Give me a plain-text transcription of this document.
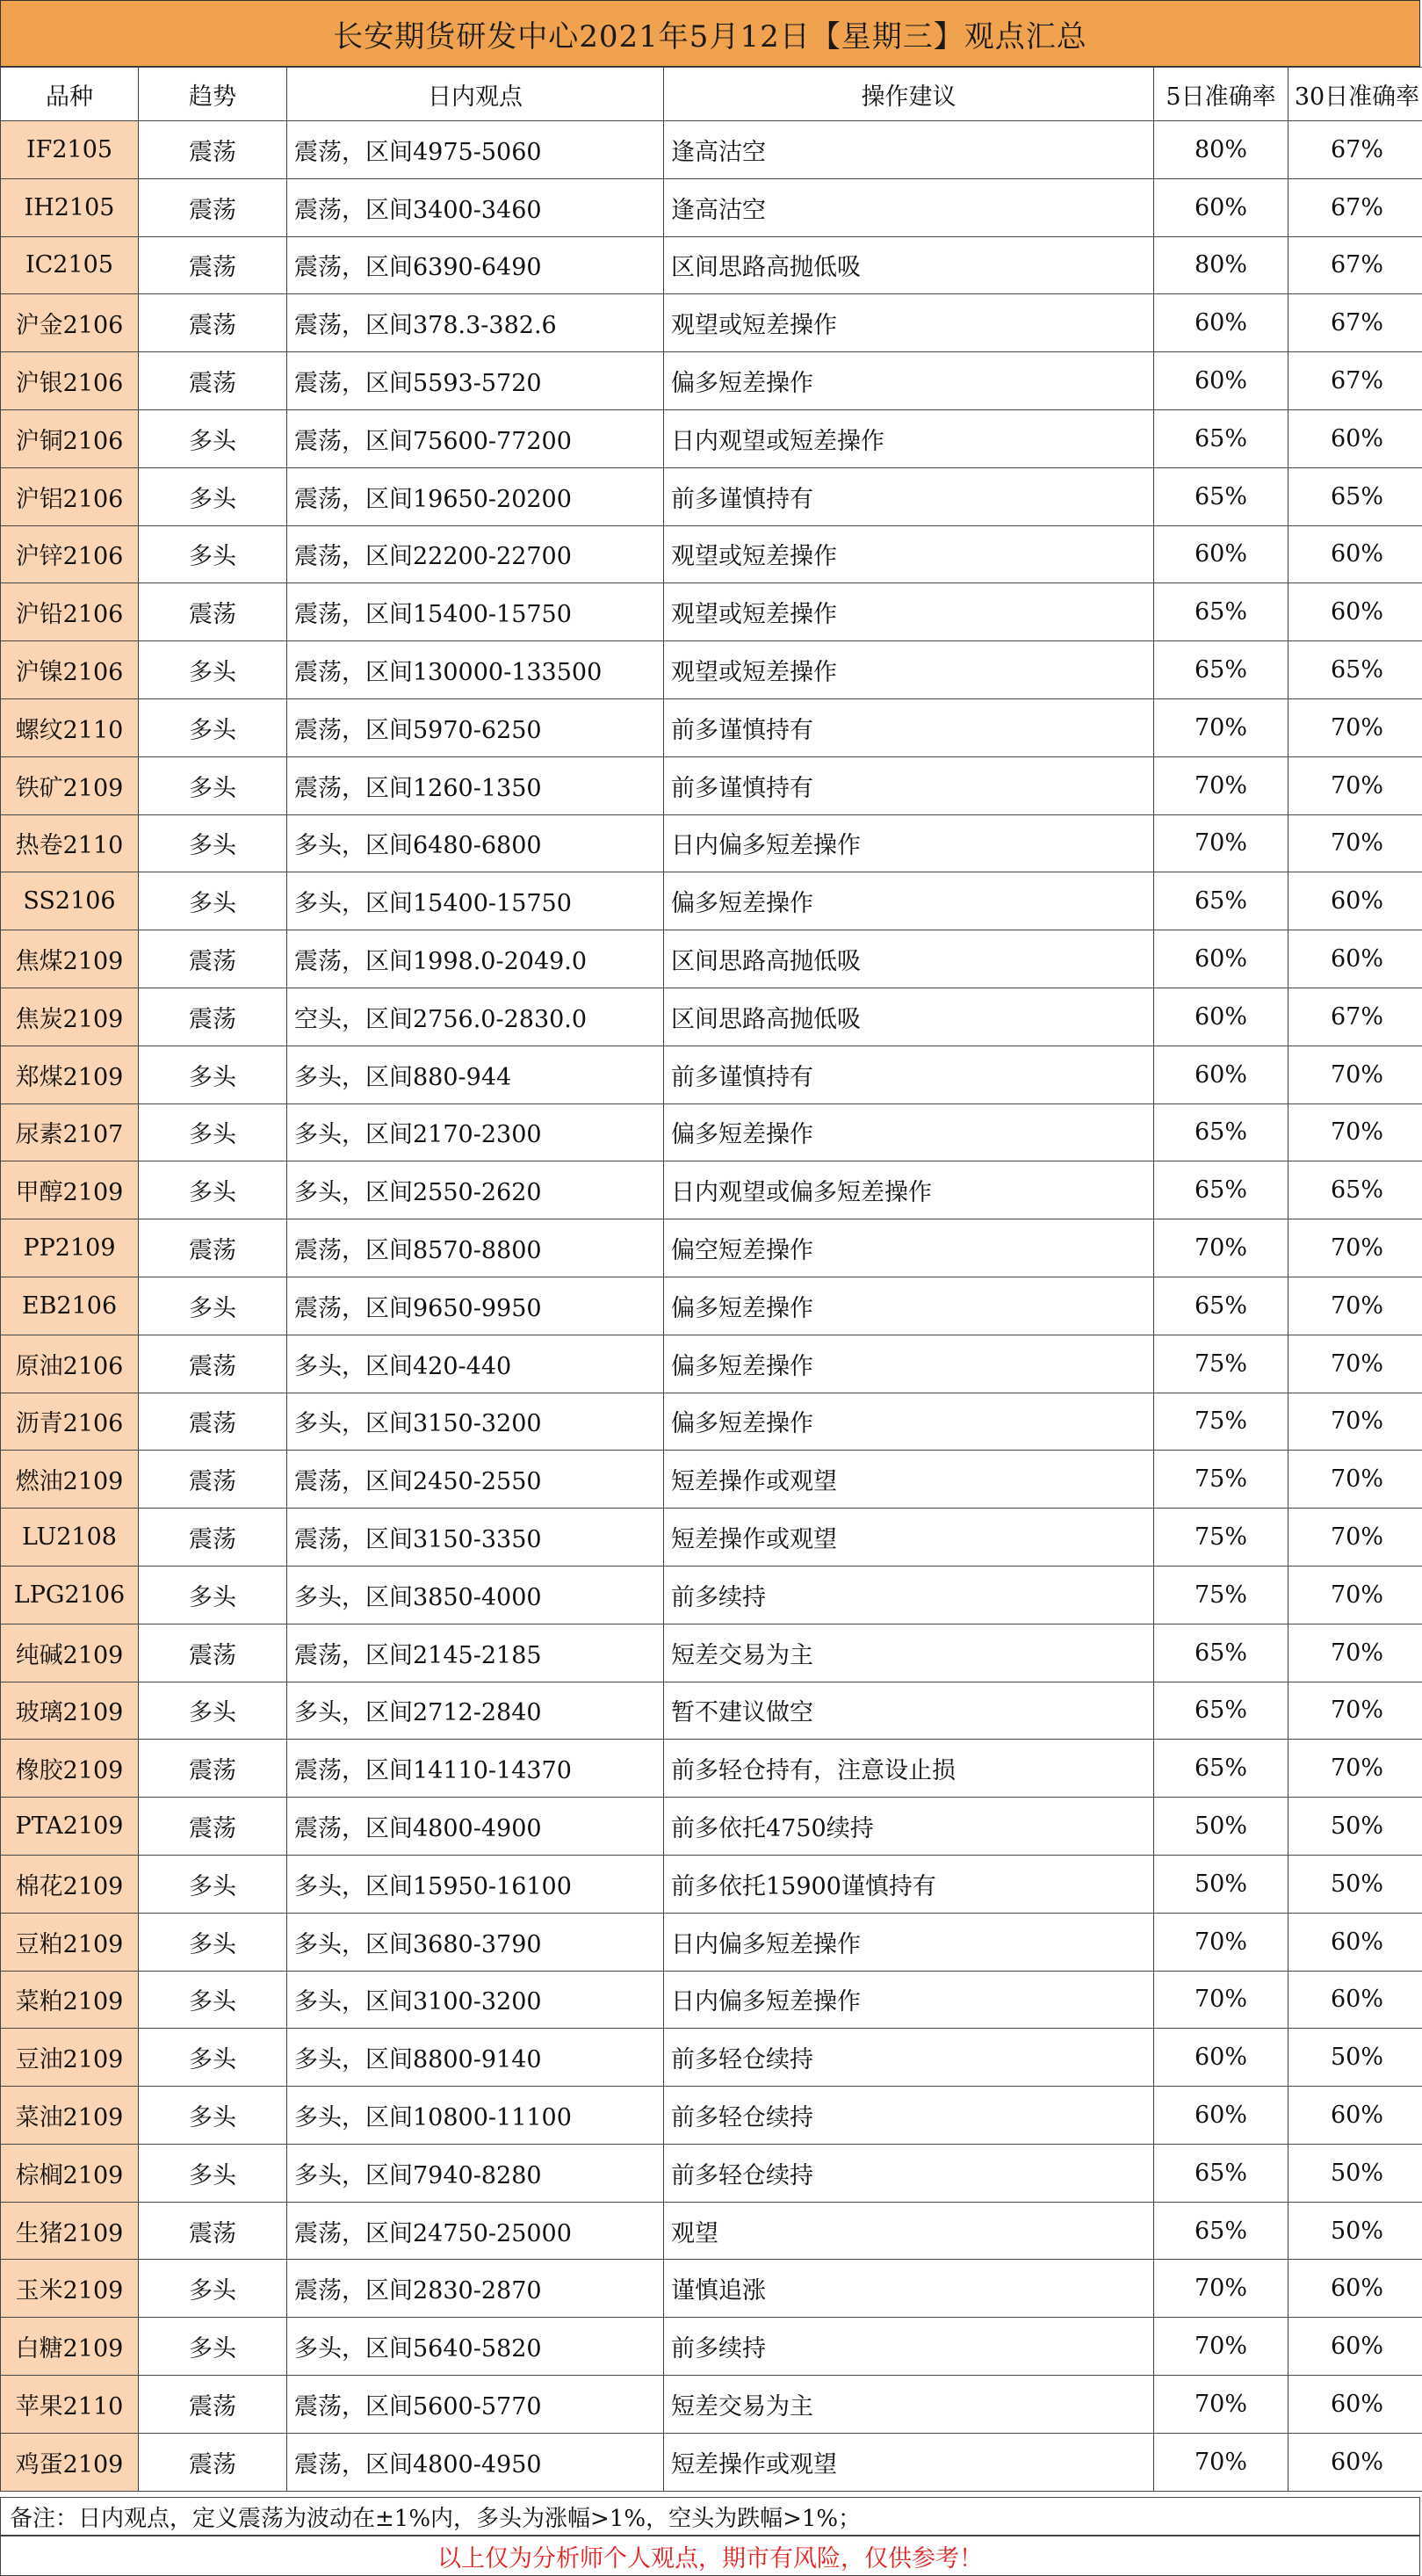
长安期货研发中心2021年5月12日【星期三】观点汇总
品种	趋势	日内观点	操作建议	5日准确率	30日准确率
IF2105	震荡	震荡，区间4975-5060	逢高沽空	80%	67%
IH2105	震荡	震荡，区间3400-3460	逢高沽空	60%	67%
IC2105	震荡	震荡，区间6390-6490	区间思路高抛低吸	80%	67%
沪金2106	震荡	震荡，区间378.3-382.6	观望或短差操作	60%	67%
沪银2106	震荡	震荡，区间5593-5720	偏多短差操作	60%	67%
沪铜2106	多头	震荡，区间75600-77200	日内观望或短差操作	65%	60%
沪铝2106	多头	震荡，区间19650-20200	前多谨慎持有	65%	65%
沪锌2106	多头	震荡，区间22200-22700	观望或短差操作	60%	60%
沪铅2106	震荡	震荡，区间15400-15750	观望或短差操作	65%	60%
沪镍2106	多头	震荡，区间130000-133500	观望或短差操作	65%	65%
螺纹2110	多头	震荡，区间5970-6250	前多谨慎持有	70%	70%
铁矿2109	多头	震荡，区间1260-1350	前多谨慎持有	70%	70%
热卷2110	多头	多头，区间6480-6800	日内偏多短差操作	70%	70%
SS2106	多头	多头，区间15400-15750	偏多短差操作	65%	60%
焦煤2109	震荡	震荡，区间1998.0-2049.0	区间思路高抛低吸	60%	60%
焦炭2109	震荡	空头，区间2756.0-2830.0	区间思路高抛低吸	60%	67%
郑煤2109	多头	多头，区间880-944	前多谨慎持有	60%	70%
尿素2107	多头	多头，区间2170-2300	偏多短差操作	65%	70%
甲醇2109	多头	多头，区间2550-2620	日内观望或偏多短差操作	65%	65%
PP2109	震荡	震荡，区间8570-8800	偏空短差操作	70%	70%
EB2106	多头	震荡，区间9650-9950	偏多短差操作	65%	70%
原油2106	震荡	多头，区间420-440	偏多短差操作	75%	70%
沥青2106	震荡	多头，区间3150-3200	偏多短差操作	75%	70%
燃油2109	震荡	震荡，区间2450-2550	短差操作或观望	75%	70%
LU2108	震荡	震荡，区间3150-3350	短差操作或观望	75%	70%
LPG2106	多头	多头，区间3850-4000	前多续持	75%	70%
纯碱2109	震荡	震荡，区间2145-2185	短差交易为主	65%	70%
玻璃2109	多头	多头，区间2712-2840	暂不建议做空	65%	70%
橡胶2109	震荡	震荡，区间14110-14370	前多轻仓持有，注意设止损	65%	70%
PTA2109	震荡	震荡，区间4800-4900	前多依托4750续持	50%	50%
棉花2109	多头	多头，区间15950-16100	前多依托15900谨慎持有	50%	50%
豆粕2109	多头	多头，区间3680-3790	日内偏多短差操作	70%	60%
菜粕2109	多头	多头，区间3100-3200	日内偏多短差操作	70%	60%
豆油2109	多头	多头，区间8800-9140	前多轻仓续持	60%	50%
菜油2109	多头	多头，区间10800-11100	前多轻仓续持	60%	60%
棕榈2109	多头	多头，区间7940-8280	前多轻仓续持	65%	50%
生猪2109	震荡	震荡，区间24750-25000	观望	65%	50%
玉米2109	多头	震荡，区间2830-2870	谨慎追涨	70%	60%
白糖2109	多头	多头，区间5640-5820	前多续持	70%	60%
苹果2110	震荡	震荡，区间5600-5770	短差交易为主	70%	60%
鸡蛋2109	震荡	震荡，区间4800-4950	短差操作或观望	70%	60%
备注：日内观点，定义震荡为波动在±1%内，多头为涨幅>1%，空头为跌幅>1%；
以上仅为分析师个人观点，期市有风险，仅供参考！
